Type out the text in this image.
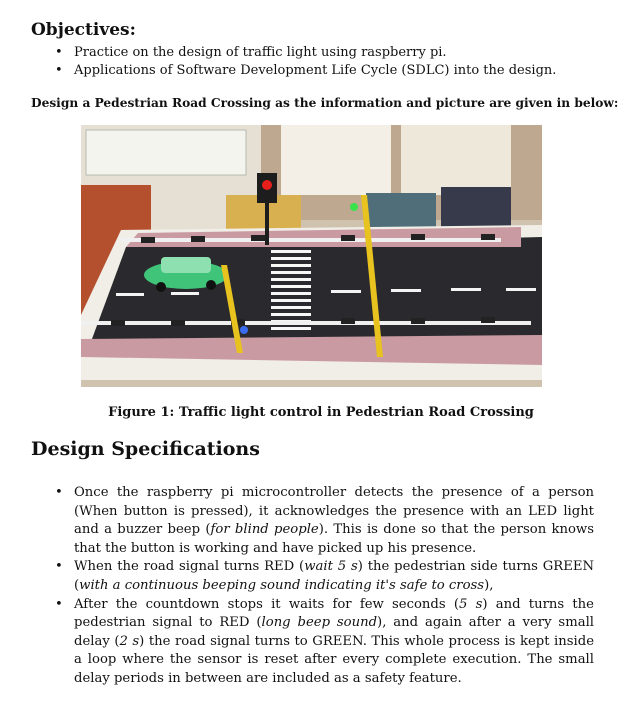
Objectives:
• Practice on the design of traffic light using raspberry pi.
• Applications of Software Development Life Cycle (SDLC) into the design.

Design a Pedestrian Road Crossing as the information and picture are given in below:

Figure 1: Traffic light control in Pedestrian Road Crossing

Design Specifications
• Once the raspberry pi microcontroller detects the presence of a person (When button is pressed), it acknowledges the presence with an LED light and a buzzer beep (for blind people). This is done so that the person knows that the button is working and have picked up his presence.
• When the road signal turns RED (wait 5 s) the pedestrian side turns GREEN (with a continuous beeping sound indicating it's safe to cross),
• After the countdown stops it waits for few seconds (5 s) and turns the pedestrian signal to RED (long beep sound), and again after a very small delay (2 s) the road signal turns to GREEN. This whole process is kept inside a loop where the sensor is reset after every complete execution. The small delay periods in between are included as a safety feature.
